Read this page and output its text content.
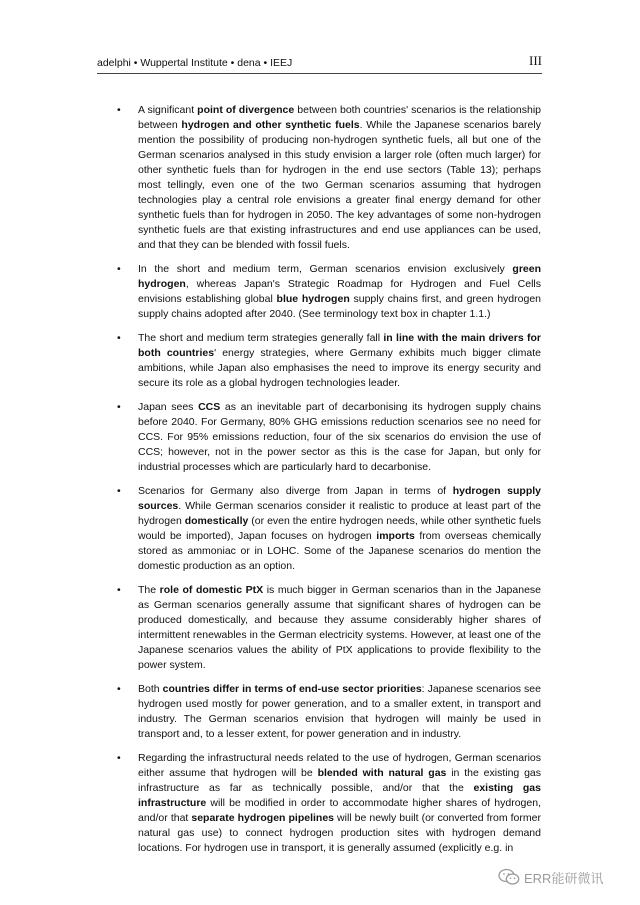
adelphi • Wuppertal Institute • dena • IEEJ	III
• A significant point of divergence between both countries' scenarios is the relationship between hydrogen and other synthetic fuels. While the Japanese scenarios barely mention the possibility of producing non-hydrogen synthetic fuels, all but one of the German scenarios analysed in this study envision a larger role (often much larger) for other synthetic fuels than for hydrogen in the end use sectors (Table 13); perhaps most tellingly, even one of the two German scenarios assuming that hydrogen technologies play a central role envisions a greater final energy demand for other synthetic fuels than for hydrogen in 2050. The key advantages of some non-hydrogen synthetic fuels are that existing infrastructures and end use appliances can be used, and that they can be blended with fossil fuels.

• In the short and medium term, German scenarios envision exclusively green hydrogen, whereas Japan's Strategic Roadmap for Hydrogen and Fuel Cells envisions establishing global blue hydrogen supply chains first, and green hydrogen supply chains adopted after 2040. (See terminology text box in chapter 1.1.)

• The short and medium term strategies generally fall in line with the main drivers for both countries' energy strategies, where Germany exhibits much bigger climate ambitions, while Japan also emphasises the need to improve its energy security and secure its role as a global hydrogen technologies leader.

• Japan sees CCS as an inevitable part of decarbonising its hydrogen supply chains before 2040. For Germany, 80% GHG emissions reduction scenarios see no need for CCS. For 95% emissions reduction, four of the six scenarios do envision the use of CCS; however, not in the power sector as this is the case for Japan, but only for industrial processes which are particularly hard to decarbonise.

• Scenarios for Germany also diverge from Japan in terms of hydrogen supply sources. While German scenarios consider it realistic to produce at least part of the hydrogen domestically (or even the entire hydrogen needs, while other synthetic fuels would be imported), Japan focuses on hydrogen imports from overseas chemically stored as ammoniac or in LOHC. Some of the Japanese scenarios do mention the domestic production as an option.

• The role of domestic PtX is much bigger in German scenarios than in the Japanese as German scenarios generally assume that significant shares of hydrogen can be produced domestically, and because they assume considerably higher shares of intermittent renewables in the German electricity systems. However, at least one of the Japanese scenarios values the ability of PtX applications to provide flexibility to the power system.

• Both countries differ in terms of end-use sector priorities: Japanese scenarios see hydrogen used mostly for power generation, and to a smaller extent, in transport and industry. The German scenarios envision that hydrogen will mainly be used in transport and, to a lesser extent, for power generation and in industry.

• Regarding the infrastructural needs related to the use of hydrogen, German scenarios either assume that hydrogen will be blended with natural gas in the existing gas infrastructure as far as technically possible, and/or that the existing gas infrastructure will be modified in order to accommodate higher shares of hydrogen, and/or that separate hydrogen pipelines will be newly built (or converted from former natural gas use) to connect hydrogen production sites with hydrogen demand locations. For hydrogen use in transport, it is generally assumed (explicitly e.g. in

ERR能研微讯
